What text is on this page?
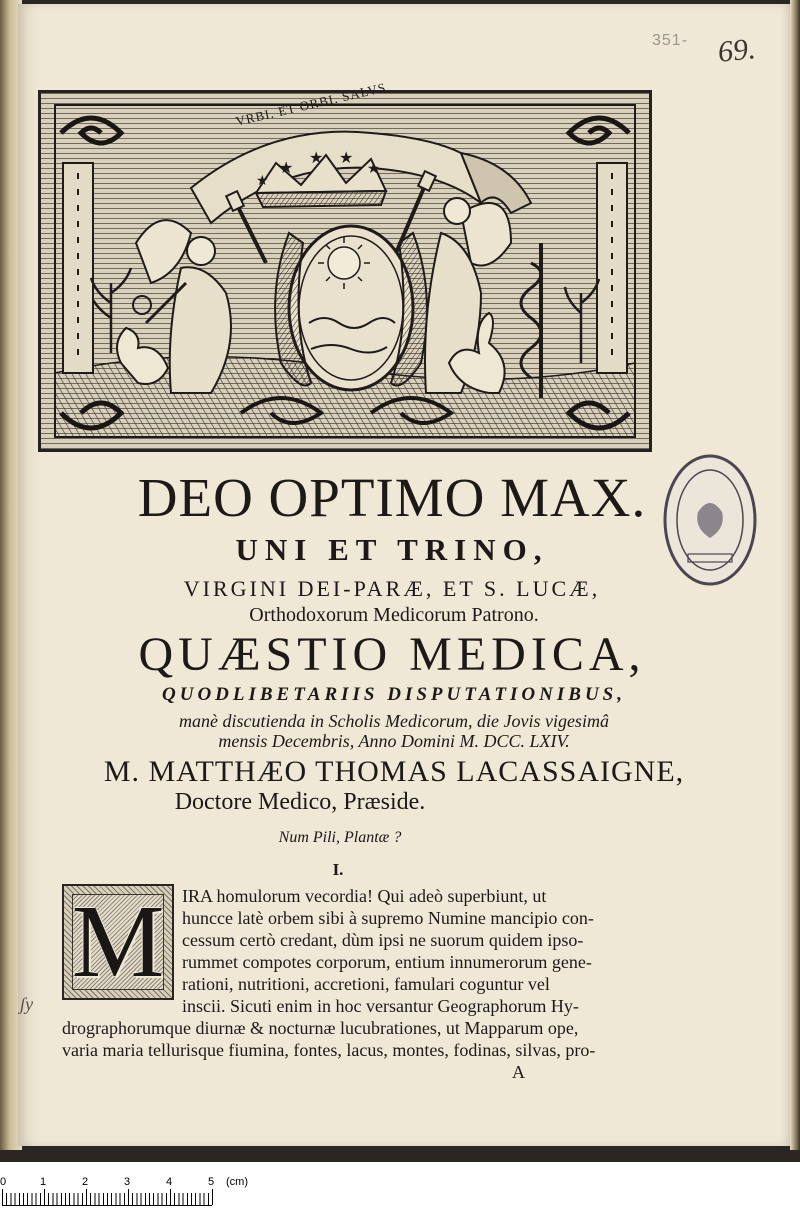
351- 69.
★
★
★ ★
★
VRBI. ET ORBI. SALVS
DEO OPTIMO MAX.
UNI ET TRINO,
VIRGINI DEI-PARÆ, ET S. LUCÆ,
Orthodoxorum Medicorum Patrono.
QUÆSTIO MEDICA,
QUODLIBETARIIS DISPUTATIONIBUS,
manè discutienda in Scholis Medicorum, die Jovis vigesimâ
mensis Decembris, Anno Domini M. DCC. LXIV.
M. MATTHÆO THOMAS LACASSAIGNE,
Doctore Medico, Præside.
Num Pili, Plantæ ?
I.
M IRA homulorum vecordia! Qui adeò superbiunt, ut
huncce latè orbem sibi à supremo Numine mancipio con-
cessum certò credant, dùm ipsi ne suorum quidem ipso-
rummet compotes corporum, entium innumerorum gene-
rationi, nutritioni, accretioni, famulari coguntur vel
inscii. Sicuti enim in hoc versantur Geographorum Hy-
drographorumque diurnæ & nocturnæ lucubrationes, ut Mapparum ope,
varia maria tellurisque fiumina, fontes, lacus, montes, fodinas, silvas, pro-
A
ʃy
0	1	2	3	4	5 (cm)
